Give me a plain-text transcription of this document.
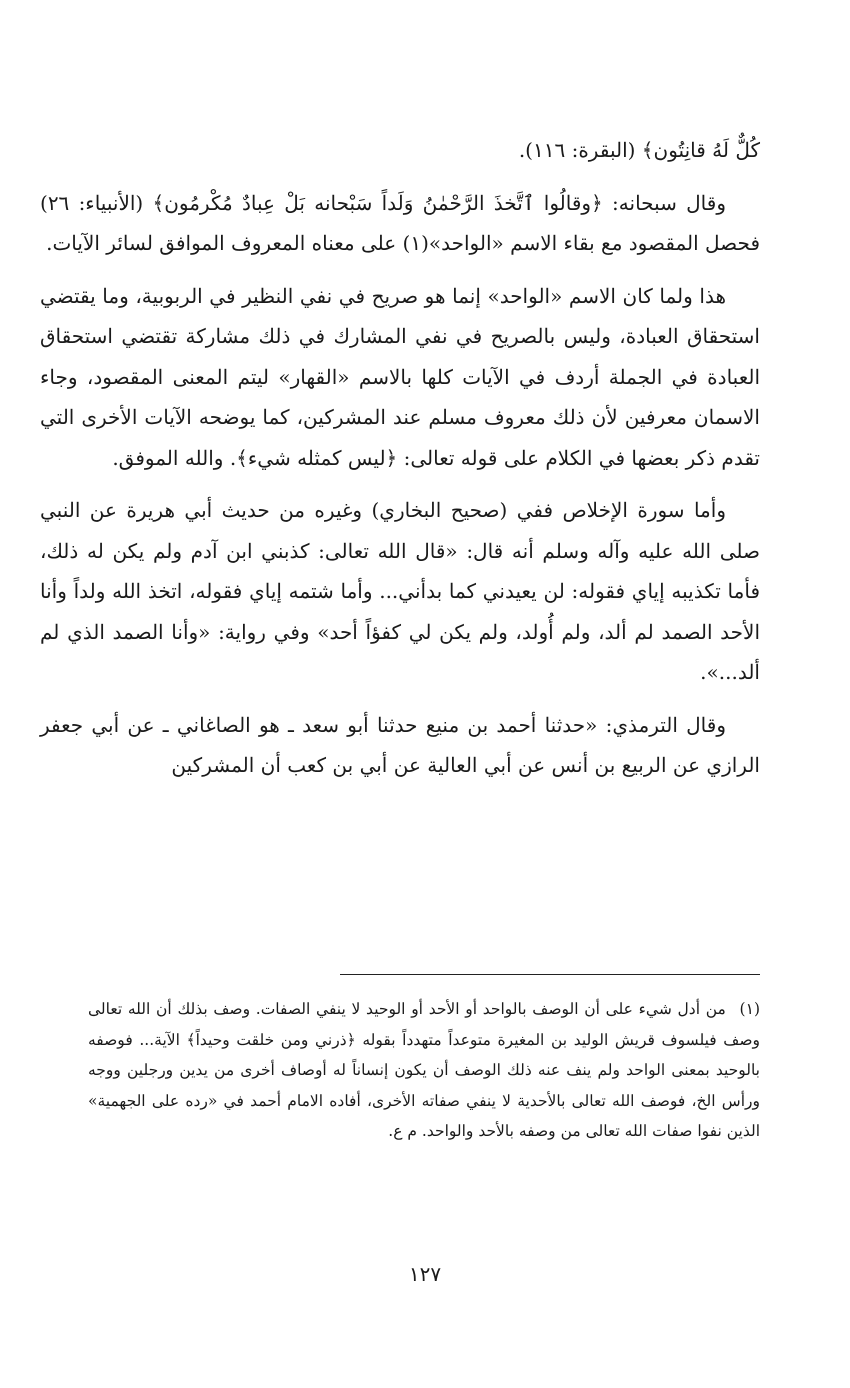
كُلٌّ لَهُ قانِتُون﴾ (البقرة: ١١٦).

وقال سبحانه: ﴿وقالُوا ٱتَّخذَ الرَّحْمٰنُ وَلَداً سَبْحانه بَلْ عِبادٌ مُكْرمُون﴾ (الأنبياء: ٢٦) فحصل المقصود مع بقاء الاسم «الواحد»(١) على معناه المعروف الموافق لسائر الآيات.

هذا ولما كان الاسم «الواحد» إنما هو صريح في نفي النظير في الربوبية، وما يقتضي استحقاق العبادة، وليس بالصريح في نفي المشارك في ذلك مشاركة تقتضي استحقاق العبادة في الجملة أردف في الآيات كلها بالاسم «القهار» ليتم المعنى المقصود، وجاء الاسمان معرفين لأن ذلك معروف مسلم عند المشركين، كما يوضحه الآيات الأخرى التي تقدم ذكر بعضها في الكلام على قوله تعالى: ﴿ليس كمثله شيء﴾. والله الموفق.

وأما سورة الإخلاص ففي (صحيح البخاري) وغيره من حديث أبي هريرة عن النبي صلى الله عليه وآله وسلم أنه قال: «قال الله تعالى: كذبني ابن آدم ولم يكن له ذلك، فأما تكذيبه إياي فقوله: لن يعيدني كما بدأني... وأما شتمه إياي فقوله، اتخذ الله ولداً وأنا الأحد الصمد لم ألد، ولم أُولد، ولم يكن لي كفؤاً أحد» وفي رواية: «وأنا الصمد الذي لم ألد...».

وقال الترمذي: «حدثنا أحمد بن منيع حدثنا أبو سعد ـ هو الصاغاني ـ عن أبي جعفر الرازي عن الربيع بن أنس عن أبي العالية عن أبي بن كعب أن المشركين

(١) من أدل شيء على أن الوصف بالواحد أو الأحد أو الوحيد لا ينفي الصفات. وصف بذلك أن الله تعالى وصف فيلسوف قريش الوليد بن المغيرة متوعداً متهدداً بقوله ﴿ذرني ومن خلقت وحيداً﴾ الآية... فوصفه بالوحيد بمعنى الواحد ولم ينف عنه ذلك الوصف أن يكون إنساناً له أوصاف أخرى من يدين ورجلين ووجه ورأس الخ، فوصف الله تعالى بالأحدية لا ينفي صفاته الأخرى، أفاده الامام أحمد في «رده على الجهمية» الذين نفوا صفات الله تعالى من وصفه بالأحد والواحد. م ع.
١٢٧
